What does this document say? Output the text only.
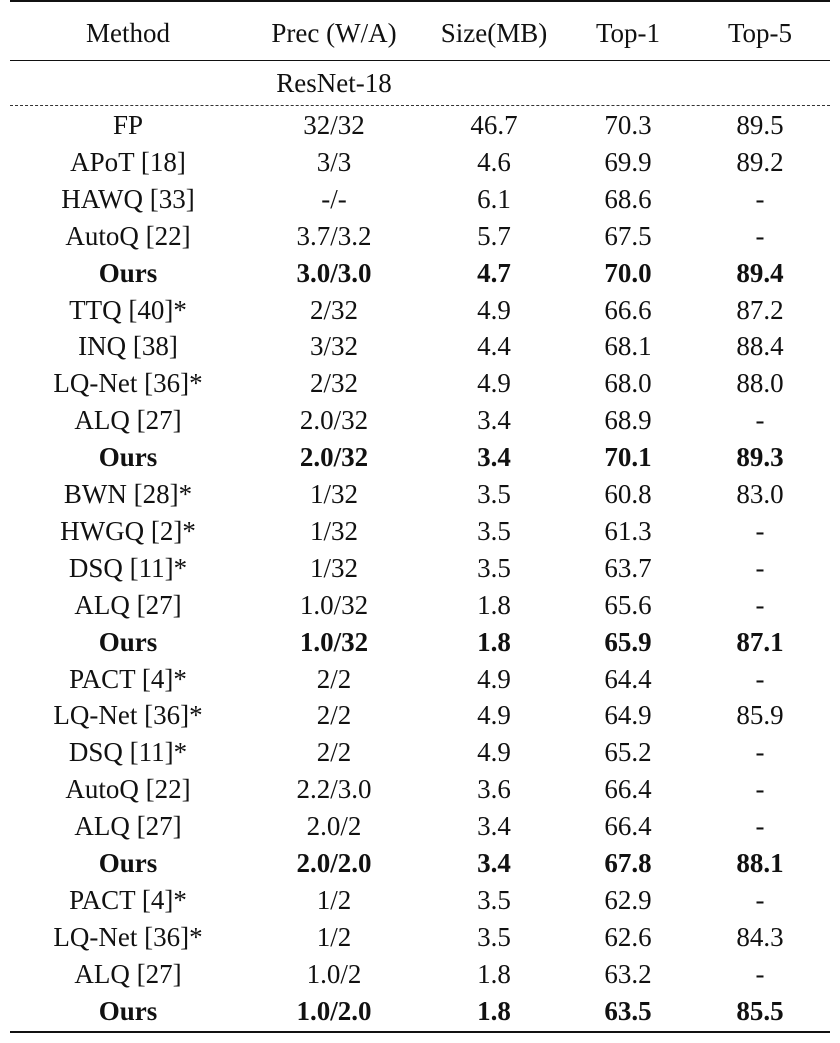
Method	Prec (W/A)	Size(MB)	Top-1	Top-5
ResNet-18
FP	32/32	46.7	70.3	89.5
APoT [18]	3/3	4.6	69.9	89.2
HAWQ [33]	-/-	6.1	68.6	-
AutoQ [22]	3.7/3.2	5.7	67.5	-
Ours	3.0/3.0	4.7	70.0	89.4
TTQ [40]*	2/32	4.9	66.6	87.2
INQ [38]	3/32	4.4	68.1	88.4
LQ-Net [36]*	2/32	4.9	68.0	88.0
ALQ [27]	2.0/32	3.4	68.9	-
Ours	2.0/32	3.4	70.1	89.3
BWN [28]*	1/32	3.5	60.8	83.0
HWGQ [2]*	1/32	3.5	61.3	-
DSQ [11]*	1/32	3.5	63.7	-
ALQ [27]	1.0/32	1.8	65.6	-
Ours	1.0/32	1.8	65.9	87.1
PACT [4]*	2/2	4.9	64.4	-
LQ-Net [36]*	2/2	4.9	64.9	85.9
DSQ [11]*	2/2	4.9	65.2	-
AutoQ [22]	2.2/3.0	3.6	66.4	-
ALQ [27]	2.0/2	3.4	66.4	-
Ours	2.0/2.0	3.4	67.8	88.1
PACT [4]*	1/2	3.5	62.9	-
LQ-Net [36]*	1/2	3.5	62.6	84.3
ALQ [27]	1.0/2	1.8	63.2	-
Ours	1.0/2.0	1.8	63.5	85.5
